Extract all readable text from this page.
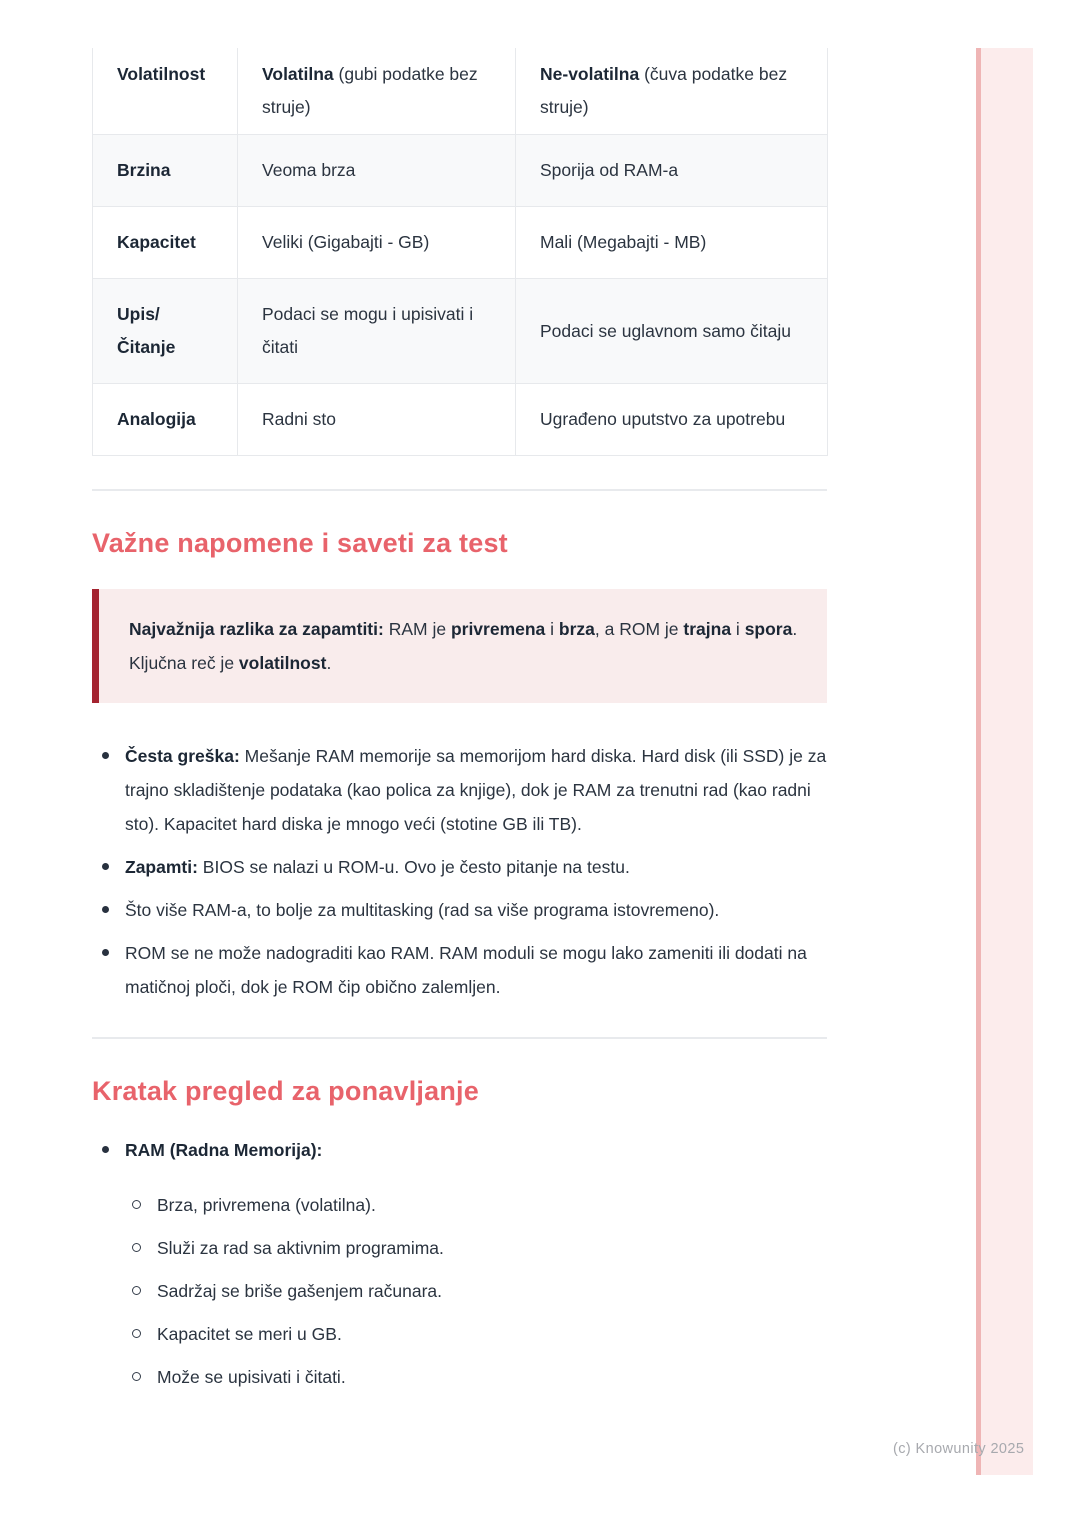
(c) Knowunity 2025
Volatilnost	Volatilna (gubi podatke bez struje)	Ne-volatilna (čuva podatke bez struje)
Brzina	Veoma brza	Sporija od RAM-a
Kapacitet	Veliki (Gigabajti - GB)	Mali (Megabajti - MB)
Upis/Čitanje	Podaci se mogu i upisivati i čitati	Podaci se uglavnom samo čitaju
Analogija	Radni sto	Ugrađeno uputstvo za upotrebu
Važne napomene i saveti za test

Najvažnija razlika za zapamtiti: RAM je privremena i brza, a ROM je trajna i spora. Ključna reč je volatilnost.

Česta greška: Mešanje RAM memorije sa memorijom hard diska. Hard disk (ili SSD) je za trajno skladištenje podataka (kao polica za knjige), dok je RAM za trenutni rad (kao radni sto). Kapacitet hard diska je mnogo veći (stotine GB ili TB).
Zapamti: BIOS se nalazi u ROM-u. Ovo je često pitanje na testu.
Što više RAM-a, to bolje za multitasking (rad sa više programa istovremeno).
ROM se ne može nadograditi kao RAM. RAM moduli se mogu lako zameniti ili dodati na matičnoj ploči, dok je ROM čip obično zalemljen.
Kratak pregled za ponavljanje
RAM (Radna Memorija):
Brza, privremena (volatilna).
Služi za rad sa aktivnim programima.
Sadržaj se briše gašenjem računara.
Kapacitet se meri u GB.
Može se upisivati i čitati.
